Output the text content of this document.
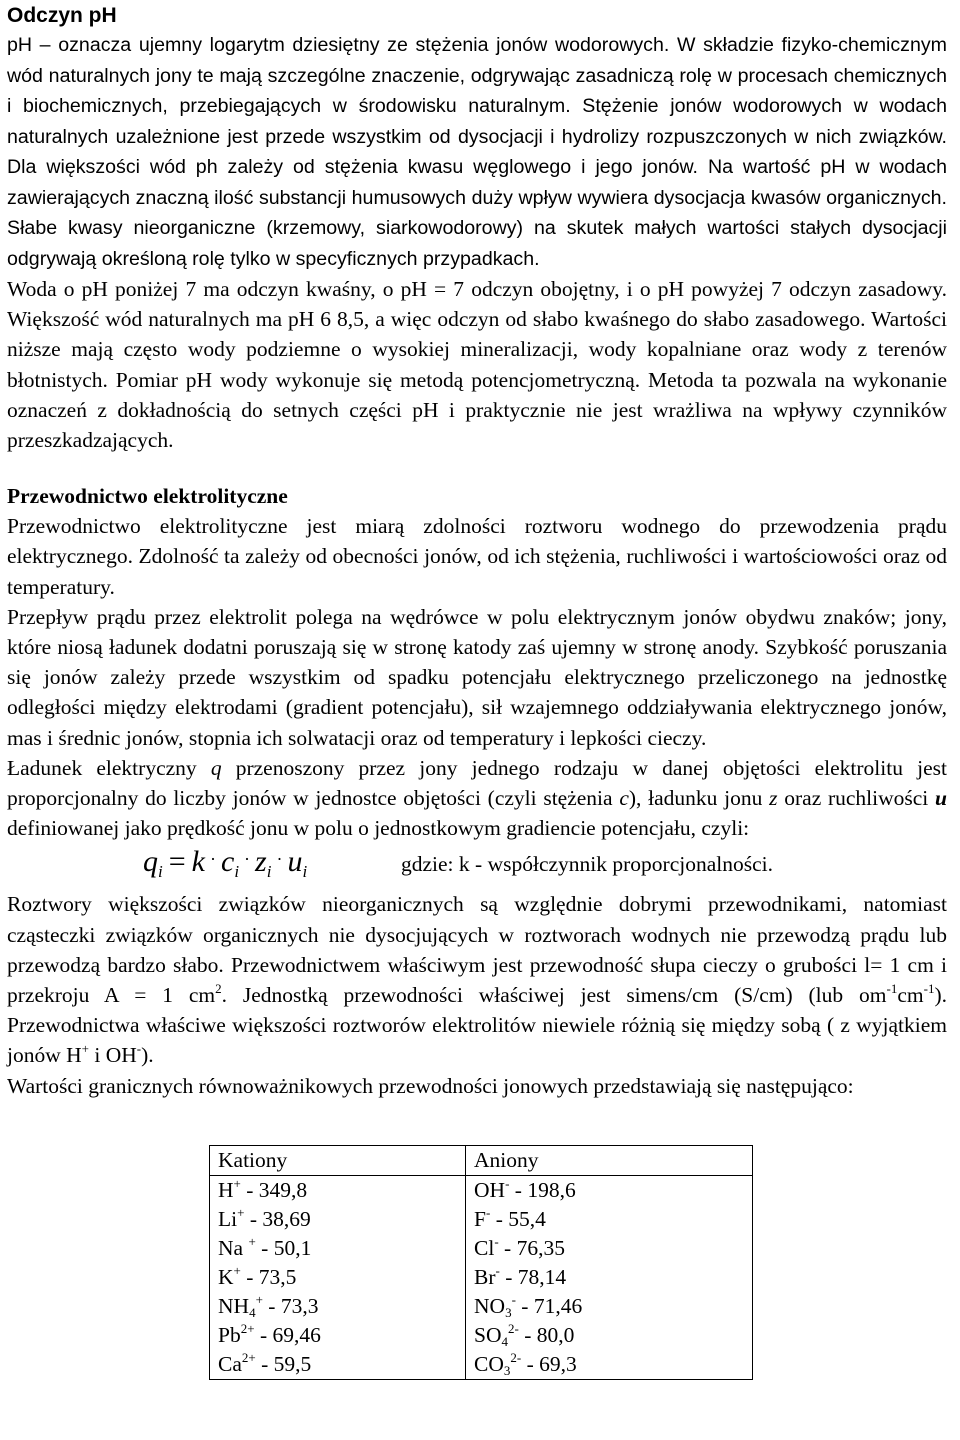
Odczyn pH

pH – oznacza ujemny logarytm dziesiętny ze stężenia jonów wodorowych. W składzie fizyko-chemicznym wód naturalnych jony te mają szczególne znaczenie, odgrywając zasadniczą rolę w procesach chemicznych i biochemicznych, przebiegających w środowisku naturalnym. Stężenie jonów wodorowych w wodach naturalnych uzależnione jest przede wszystkim od dysocjacji i hydrolizy rozpuszczonych w nich związków. Dla większości wód ph zależy od stężenia kwasu węglowego i jego jonów. Na wartość pH w wodach zawierających znaczną ilość substancji humusowych duży wpływ wywiera dysocjacja kwasów organicznych. Słabe kwasy nieorganiczne (krzemowy, siarkowodorowy) na skutek małych wartości stałych dysocjacji odgrywają określoną rolę tylko w specyficznych przypadkach.

Woda o pH poniżej 7 ma odczyn kwaśny, o pH = 7 odczyn obojętny, i o pH powyżej 7 odczyn zasadowy. Większość wód naturalnych ma pH 6 8,5, a więc odczyn od słabo kwaśnego do słabo zasadowego. Wartości niższe mają często wody podziemne o wysokiej mineralizacji, wody kopalniane oraz wody z terenów błotnistych. Pomiar pH wody wykonuje się metodą potencjometryczną. Metoda ta pozwala na wykonanie oznaczeń z dokładnością do setnych części pH i praktycznie nie jest wrażliwa na wpływy czynników przeszkadzających.

Przewodnictwo elektrolityczne

Przewodnictwo elektrolityczne jest miarą zdolności roztworu wodnego do przewodzenia prądu elektrycznego. Zdolność ta zależy od obecności jonów, od ich stężenia, ruchliwości i wartościowości oraz od temperatury.

Przepływ prądu przez elektrolit polega na wędrówce w polu elektrycznym jonów obydwu znaków; jony, które niosą ładunek dodatni poruszają się w stronę katody zaś ujemny w stronę anody. Szybkość poruszania się jonów zależy przede wszystkim od spadku potencjału elektrycznego przeliczonego na jednostkę odległości między elektrodami (gradient potencjału), sił wzajemnego oddziaływania elektrycznego jonów, mas i średnic jonów, stopnia ich solwatacji oraz od temperatury i lepkości cieczy.

Ładunek elektryczny q przenoszony przez jony jednego rodzaju w danej objętości elektrolitu jest proporcjonalny do liczby jonów w jednostce objętości (czyli stężenia c), ładunku jonu z oraz ruchliwości u definiowanej jako prędkość jonu w polu o jednostkowym gradiencie potencjału, czyli:

$q_i = k$ · $c_i^\cdot$ $z_i^\cdot$ $u_i$	gdzie: k - współczynnik proporcjonalności.

Roztwory większości związków nieorganicznych są względnie dobrymi przewodnikami, natomiast cząsteczki związków organicznych nie dysocjujących w roztworach wodnych nie przewodzą prądu lub przewodzą bardzo słabo. Przewodnictwem właściwym jest przewodność słupa cieczy o grubości l= 1 cm i przekroju A = 1 $cm^2$. Jednostką przewodności właściwej jest simens/cm (S/cm) (lub $om^{-1}cm^{-1}$). Przewodnictwa właściwe większości roztworów elektrolitów niewiele różnią się między sobą ( z wyjątkiem jonów H+ i OH-).

Wartości granicznych równoważnikowych przewodności jonowych przedstawiają się następująco:

Kationy	Aniony
H+ - 349,8	OH- - 198,6
Li+ - 38,69	F- - 55,4
Na + - 50,1	Cl- - 76,35
K+ - 73,5	Br- - 78,14
$NH_4^+ - 73,3$	$NO_3^- - 71,46$
$Pb^{2+} - 69,46$	$SO_4^{2-} - 80,0$
$Ca^{2+} - 59,5$	$CO_3^{2-} - 69,3$
